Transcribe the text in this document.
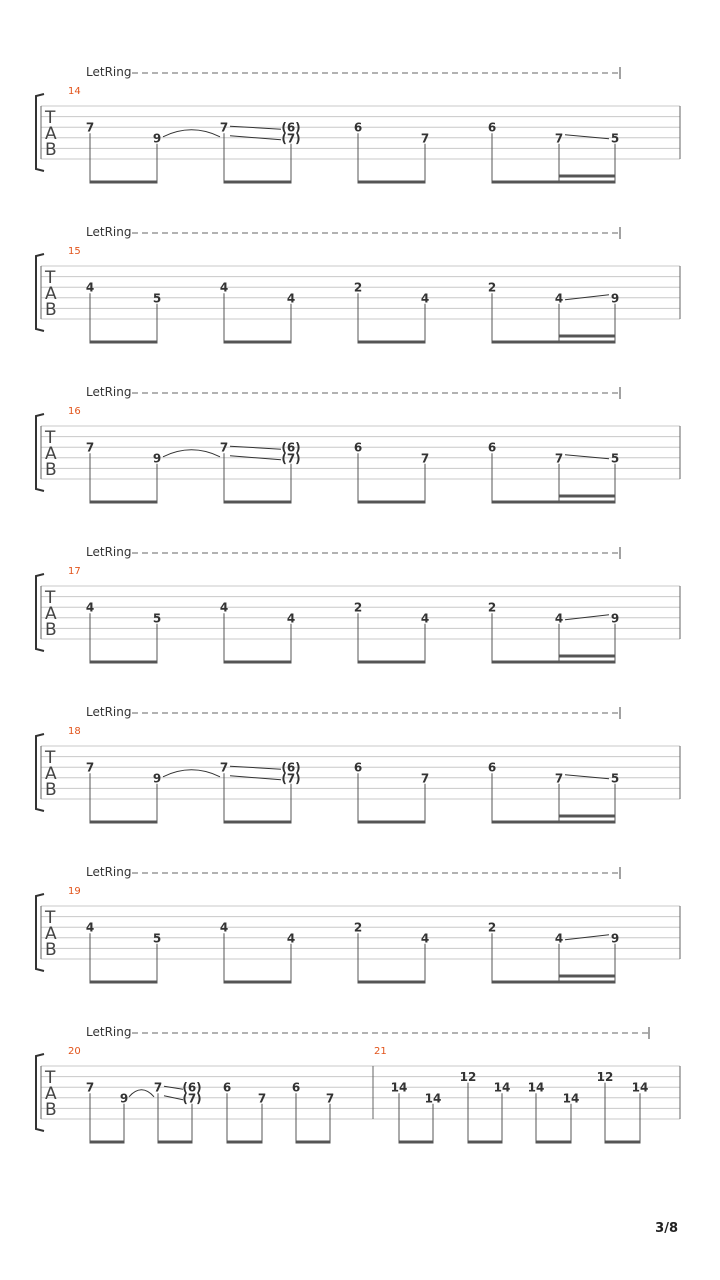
T
A
B
LetRing
14
7
9
7	(6)
(7)
6
7
6
7	5
T
A
B
LetRing
15
4
5
4
4
2
4
2
4	9
T
A
B
LetRing
16
7
9
7	(6)
(7)
6
7
6
7	5
T
A
B
LetRing
17
4
5
4
4
2
4
2
4	9
T
A
B
LetRing
18
7
9
7	(6)
(7)
6
7
6
7	5
T
A
B
LetRing
19
4
5
4
4
2
4
2
4	9
T
A
B
LetRing
20
7
9
7 (6)
(7)
6
7
6
7
21
14
14
12
14 14
14
12
14
3/8
